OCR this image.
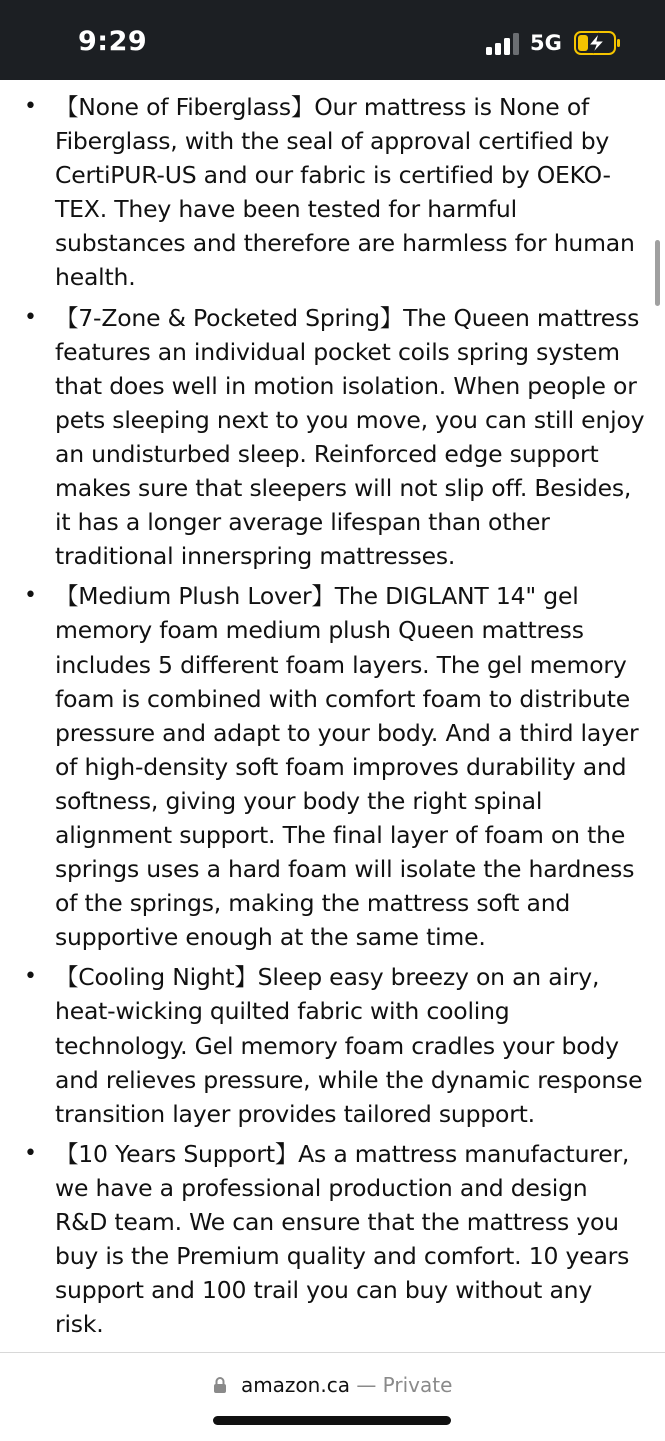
9:29	5G
• 【None of Fiberglass】Our mattress is None of Fiberglass, with the seal of approval certified by CertiPUR-US and our fabric is certified by OEKO-TEX. They have been tested for harmful substances and therefore are harmless for human health.
• 【7-Zone & Pocketed Spring】The Queen mattress features an individual pocket coils spring system that does well in motion isolation. When people or pets sleeping next to you move, you can still enjoy an undisturbed sleep. Reinforced edge support makes sure that sleepers will not slip off. Besides, it has a longer average lifespan than other traditional innerspring mattresses.
• 【Medium Plush Lover】The DIGLANT 14" gel memory foam medium plush Queen mattress includes 5 different foam layers. The gel memory foam is combined with comfort foam to distribute pressure and adapt to your body. And a third layer of high-density soft foam improves durability and softness, giving your body the right spinal alignment support. The final layer of foam on the springs uses a hard foam will isolate the hardness of the springs, making the mattress soft and supportive enough at the same time.
• 【Cooling Night】Sleep easy breezy on an airy, heat-wicking quilted fabric with cooling technology. Gel memory foam cradles your body and relieves pressure, while the dynamic response transition layer provides tailored support.
• 【10 Years Support】As a mattress manufacturer, we have a professional production and design R&D team. We can ensure that the mattress you buy is the Premium quality and comfort. 10 years support and 100 trail you can buy without any risk.
amazon.ca — Private
